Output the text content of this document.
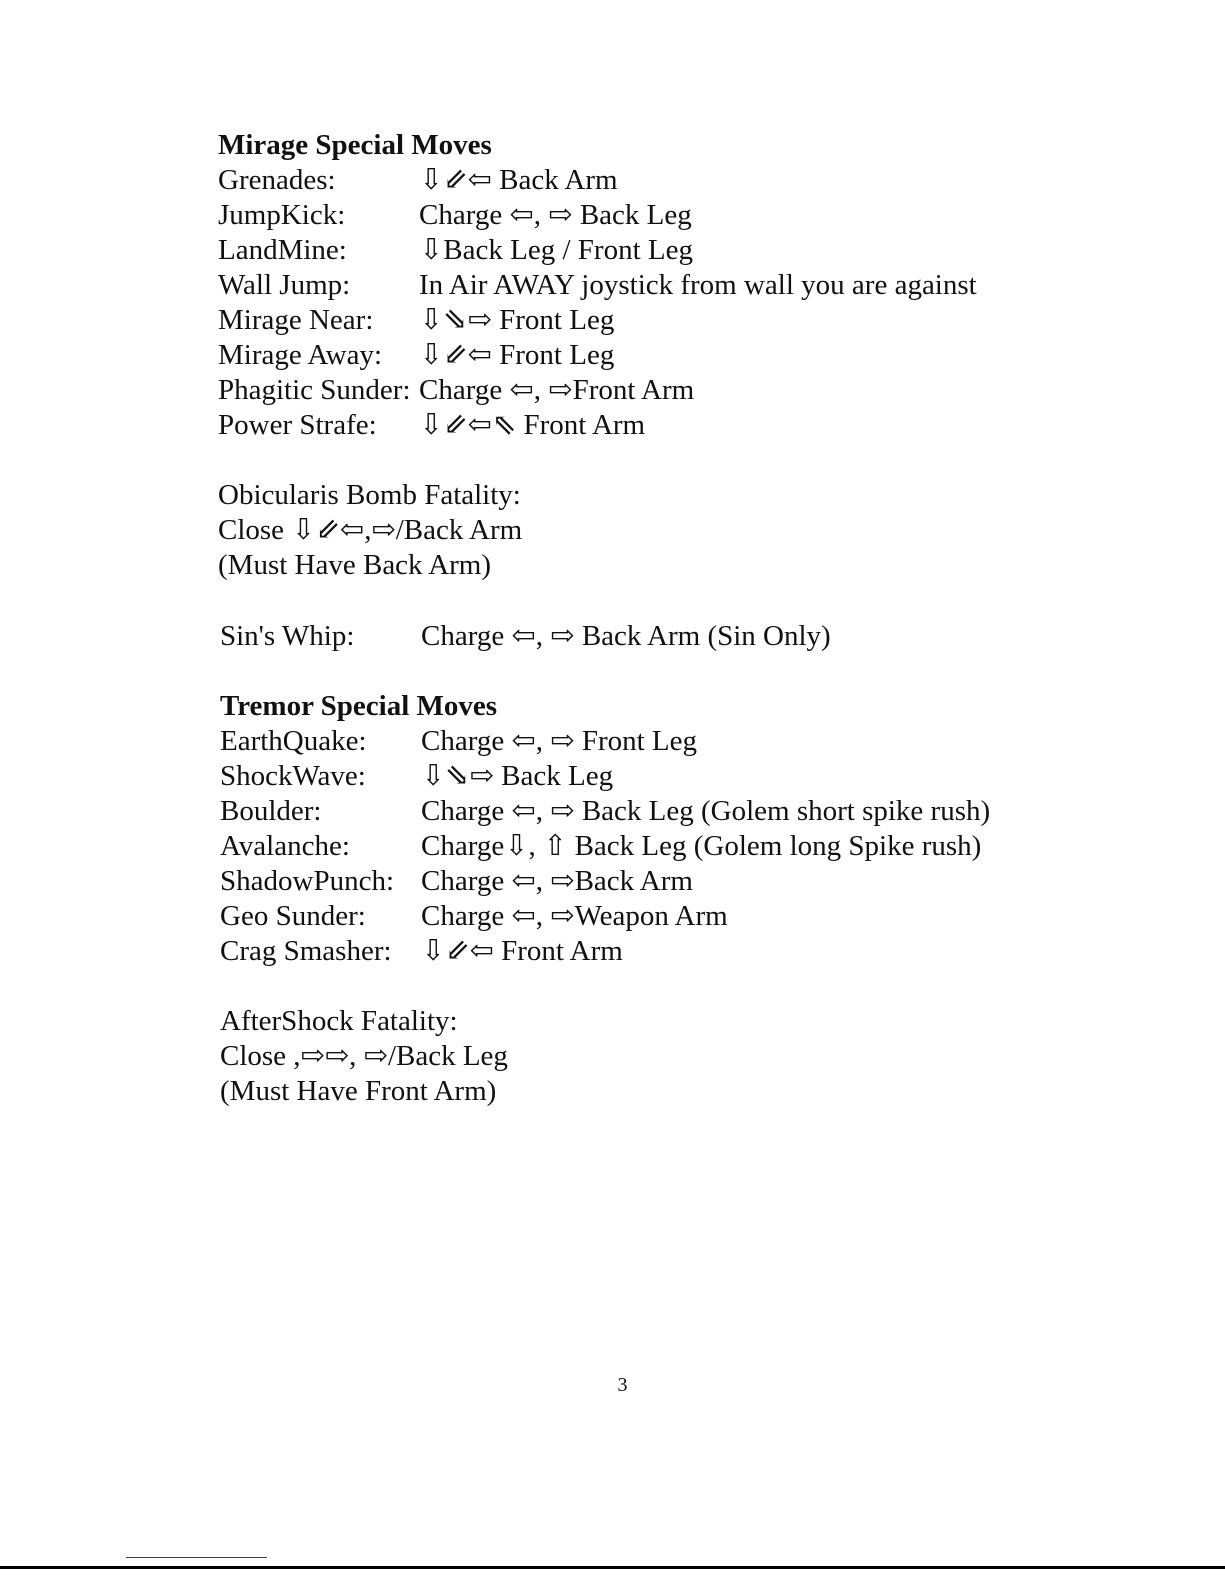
Mirage Special Moves
Grenades:	⇩⇙⇦ Back Arm
JumpKick:	Charge ⇦, ⇨ Back Leg
LandMine:	⇩Back Leg / Front Leg
Wall Jump:	In Air AWAY joystick from wall you are against
Mirage Near:	⇩⇘⇨ Front Leg
Mirage Away:	⇩⇙⇦ Front Leg
Phagitic Sunder: Charge ⇦, ⇨Front Arm
Power Strafe:	⇩⇙⇦⇖ Front Arm
Obicularis Bomb Fatality:
Close ⇩⇙⇦,⇨/Back Arm
(Must Have Back Arm)
Sin's Whip:	Charge ⇦, ⇨ Back Arm (Sin Only)
Tremor Special Moves
EarthQuake:	Charge ⇦, ⇨ Front Leg
ShockWave:	⇩⇘⇨ Back Leg
Boulder:	Charge ⇦, ⇨ Back Leg (Golem short spike rush)
Avalanche:	Charge⇩, ⇧ Back Leg (Golem long Spike rush)
ShadowPunch: Charge ⇦, ⇨Back Arm
Geo Sunder:	Charge ⇦, ⇨Weapon Arm
Crag Smasher:	⇩⇙⇦ Front Arm
AfterShock Fatality:
Close ,⇨⇨, ⇨/Back Leg
(Must Have Front Arm)
3
